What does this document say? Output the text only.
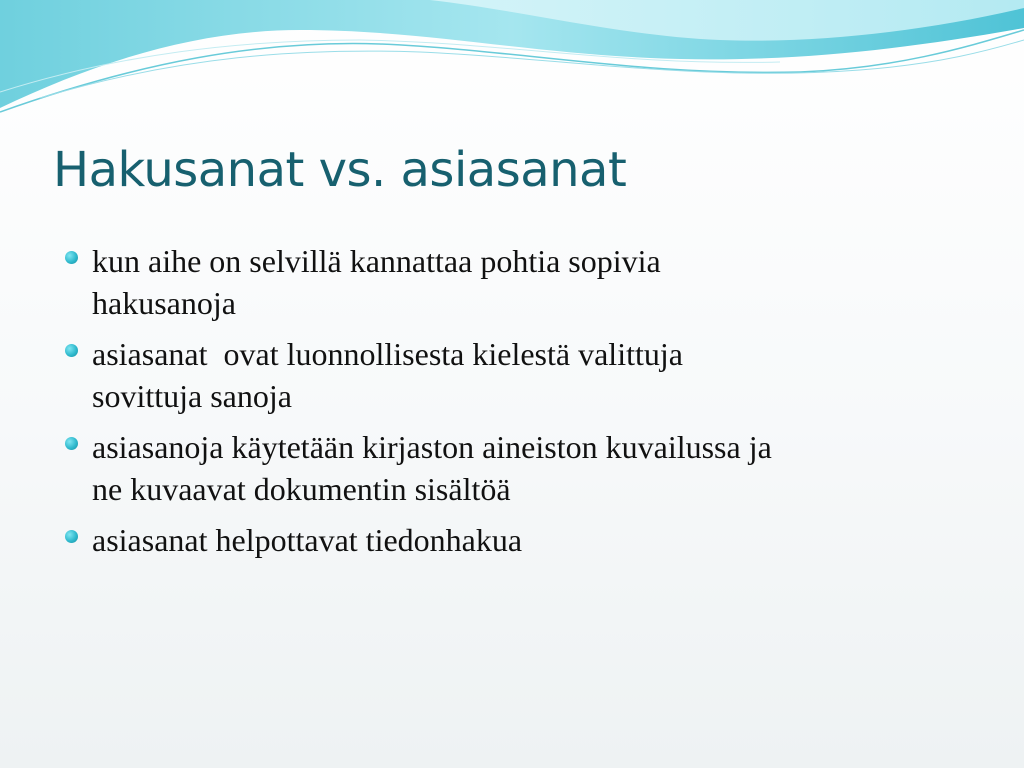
Hakusanat vs. asiasanat
kun aihe on selvillä kannattaa pohtia sopivia
hakusanoja
asiasanat  ovat luonnollisesta kielestä valittuja
sovittuja sanoja
asiasanoja käytetään kirjaston aineiston kuvailussa ja
ne kuvaavat dokumentin sisältöä
asiasanat helpottavat tiedonhakua
